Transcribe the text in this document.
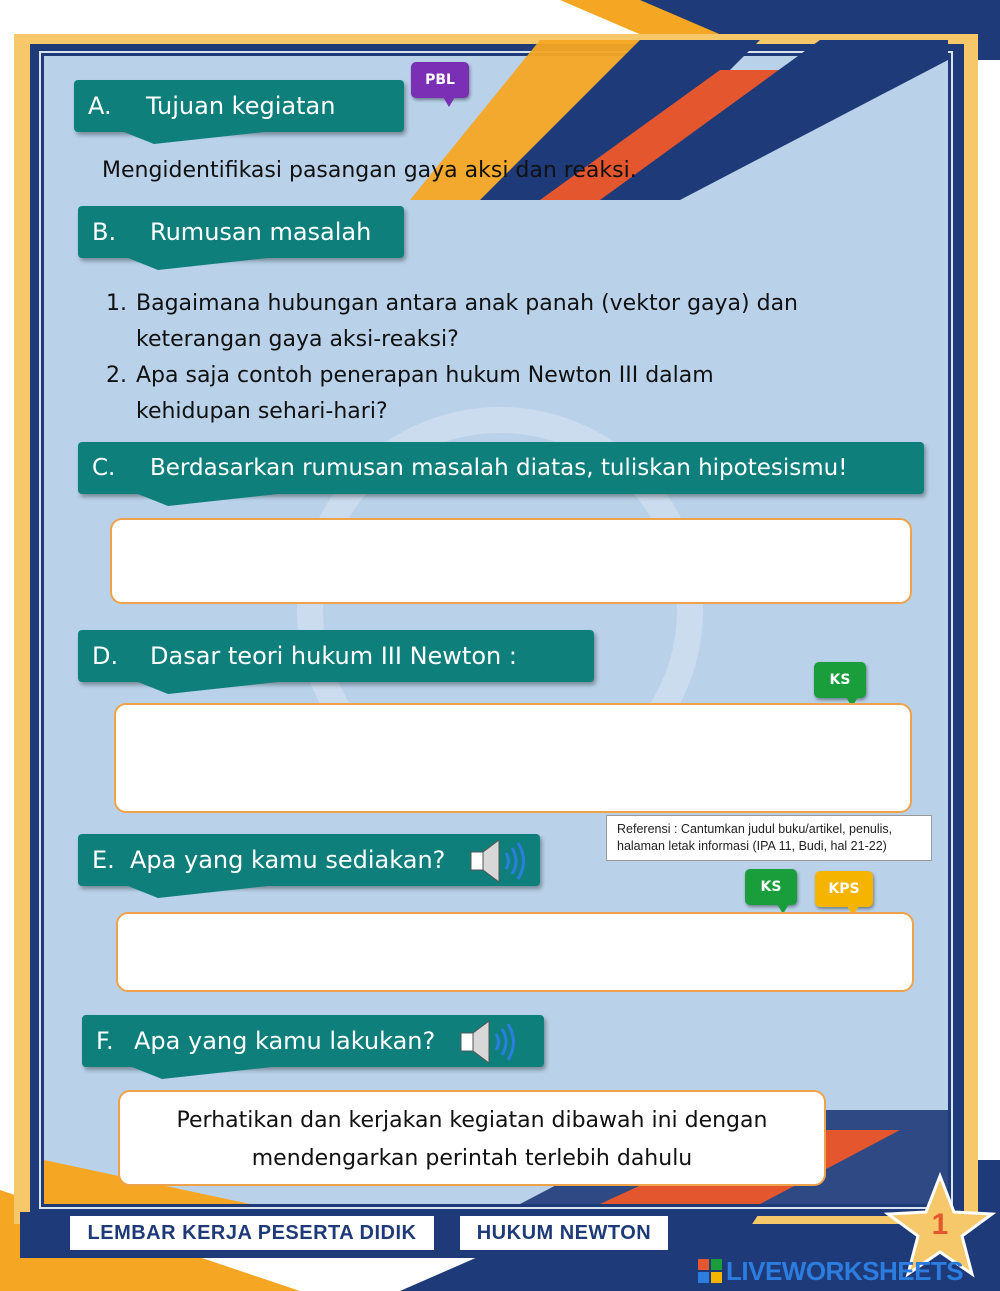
A. Tujuan kegiatan
PBL
Mengidentifikasi pasangan gaya aksi dan reaksi.
B. Rumusan masalah
1. Bagaimana hubungan antara anak panah (vektor gaya) dan
keterangan gaya aksi-reaksi?
2. Apa saja contoh penerapan hukum Newton III dalam
kehidupan sehari-hari?
C. Berdasarkan rumusan masalah diatas, tuliskan hipotesismu!
D. Dasar teori hukum III Newton :
KS
Referensi : Cantumkan judul buku/artikel, penulis,
halaman letak informasi (IPA 11, Budi, hal 21-22)
E. Apa yang kamu sediakan?
KS	KPS
F. Apa yang kamu lakukan?
Perhatikan dan kerjakan kegiatan dibawah ini dengan
mendengarkan perintah terlebih dahulu
LEMBAR KERJA PESERTA DIDIK	HUKUM NEWTON	1
LIVEWORKSHEETS
